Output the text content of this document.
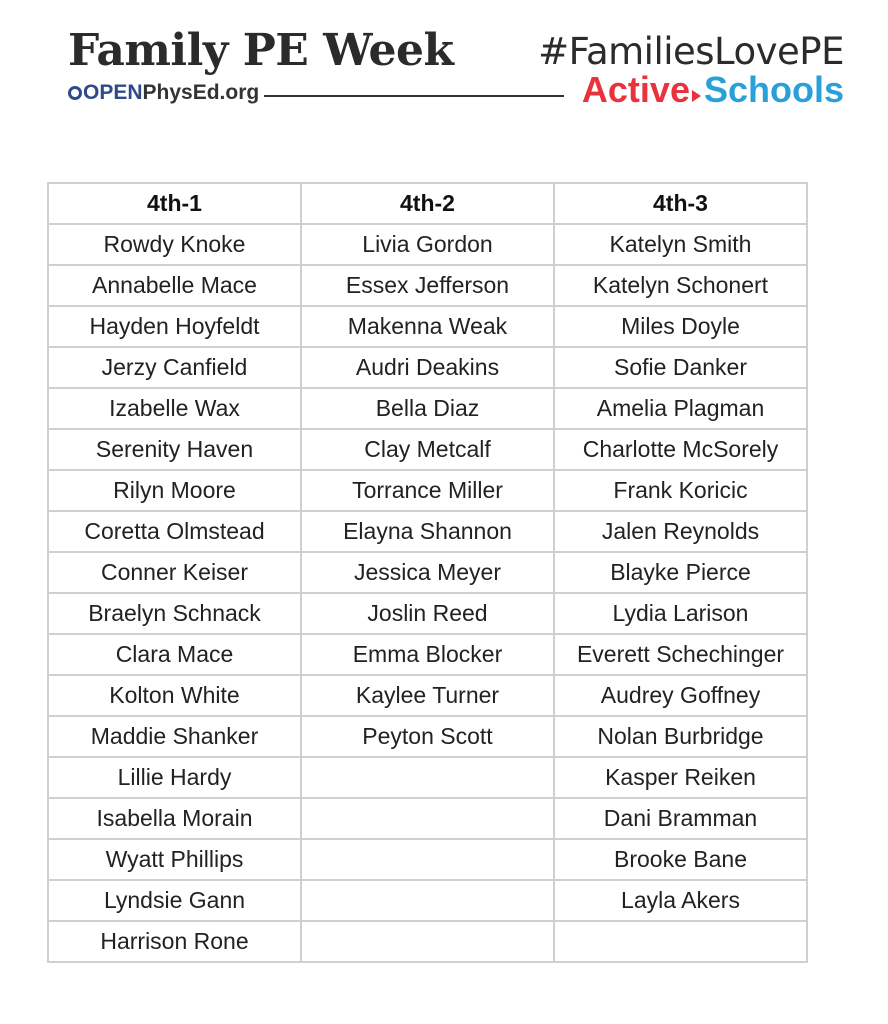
Family PE Week
OPEN PhysEd.org
#FamiliesLovePE
Active Schools
4th-1	4th-2	4th-3
Rowdy Knoke	Livia Gordon	Katelyn Smith
Annabelle Mace	Essex Jefferson	Katelyn Schonert
Hayden Hoyfeldt	Makenna Weak	Miles Doyle
Jerzy Canfield	Audri Deakins	Sofie Danker
Izabelle Wax	Bella Diaz	Amelia Plagman
Serenity Haven	Clay Metcalf	Charlotte McSorely
Rilyn Moore	Torrance Miller	Frank Koricic
Coretta Olmstead	Elayna Shannon	Jalen Reynolds
Conner Keiser	Jessica Meyer	Blayke Pierce
Braelyn Schnack	Joslin Reed	Lydia Larison
Clara Mace	Emma Blocker	Everett Schechinger
Kolton White	Kaylee Turner	Audrey Goffney
Maddie Shanker	Peyton Scott	Nolan Burbridge
Lillie Hardy		Kasper Reiken
Isabella Morain		Dani Bramman
Wyatt Phillips		Brooke Bane
Lyndsie Gann		Layla Akers
Harrison Rone		
